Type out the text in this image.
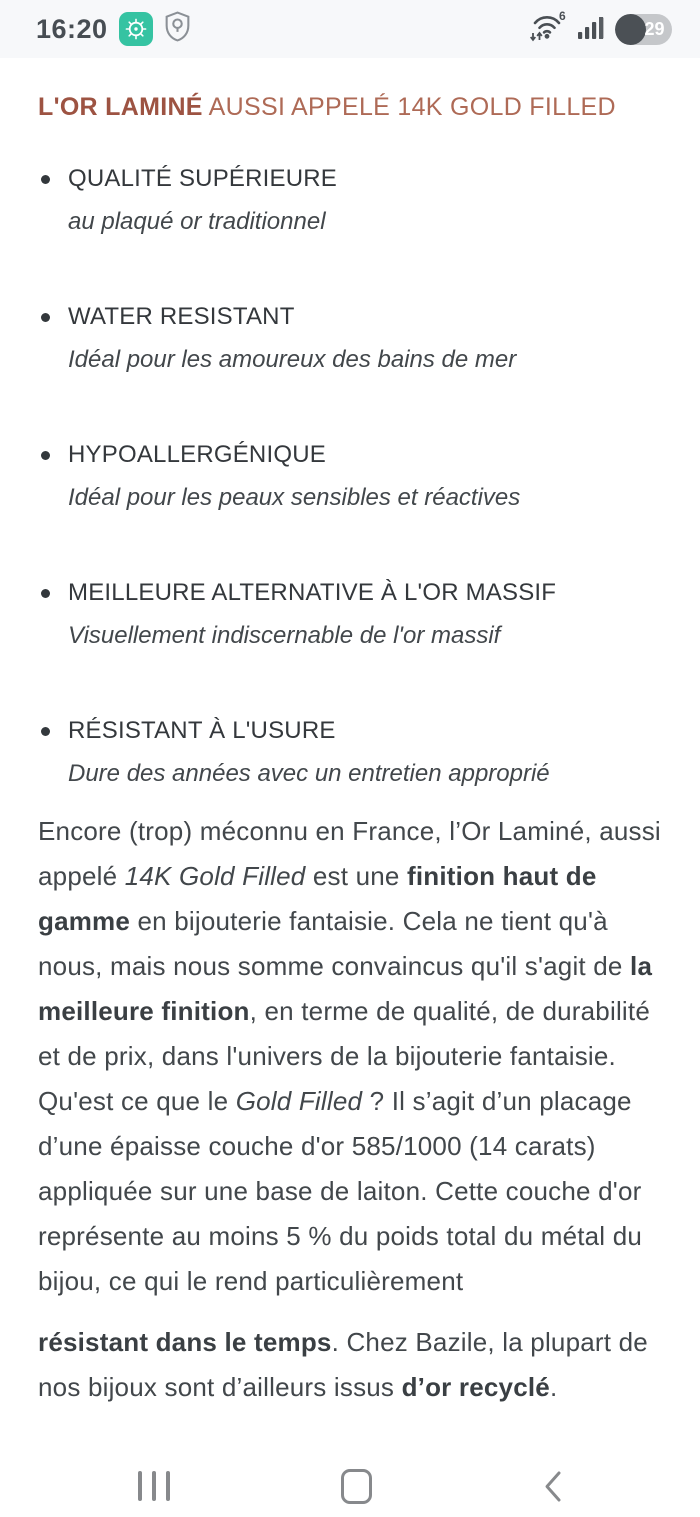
16:20	6
29
L'OR LAMINÉ AUSSI APPELÉ 14K GOLD FILLED
QUALITÉ SUPÉRIEURE
au plaqué or traditionnel
WATER RESISTANT
Idéal pour les amoureux des bains de mer
HYPOALLERGÉNIQUE
Idéal pour les peaux sensibles et réactives
MEILLEURE ALTERNATIVE À L'OR MASSIF
Visuellement indiscernable de l'or massif
RÉSISTANT À L'USURE
Dure des années avec un entretien approprié

Encore (trop) méconnu en France, l’Or Laminé, aussi appelé 14K Gold Filled est une finition haut de gamme en bijouterie fantaisie. Cela ne tient qu'à nous, mais nous somme convaincus qu'il s'agit de la meilleure finition, en terme de qualité, de durabilité et de prix, dans l'univers de la bijouterie fantaisie.

Qu'est ce que le Gold Filled ? Il s’agit d’un placage d’une épaisse couche d'or 585/1000 (14 carats) appliquée sur une base de laiton. Cette couche d'or représente au moins 5 % du poids total du métal du bijou, ce qui le rend particulièrement

résistant dans le temps. Chez Bazile, la plupart de nos bijoux sont d’ailleurs issus d’or recyclé.
